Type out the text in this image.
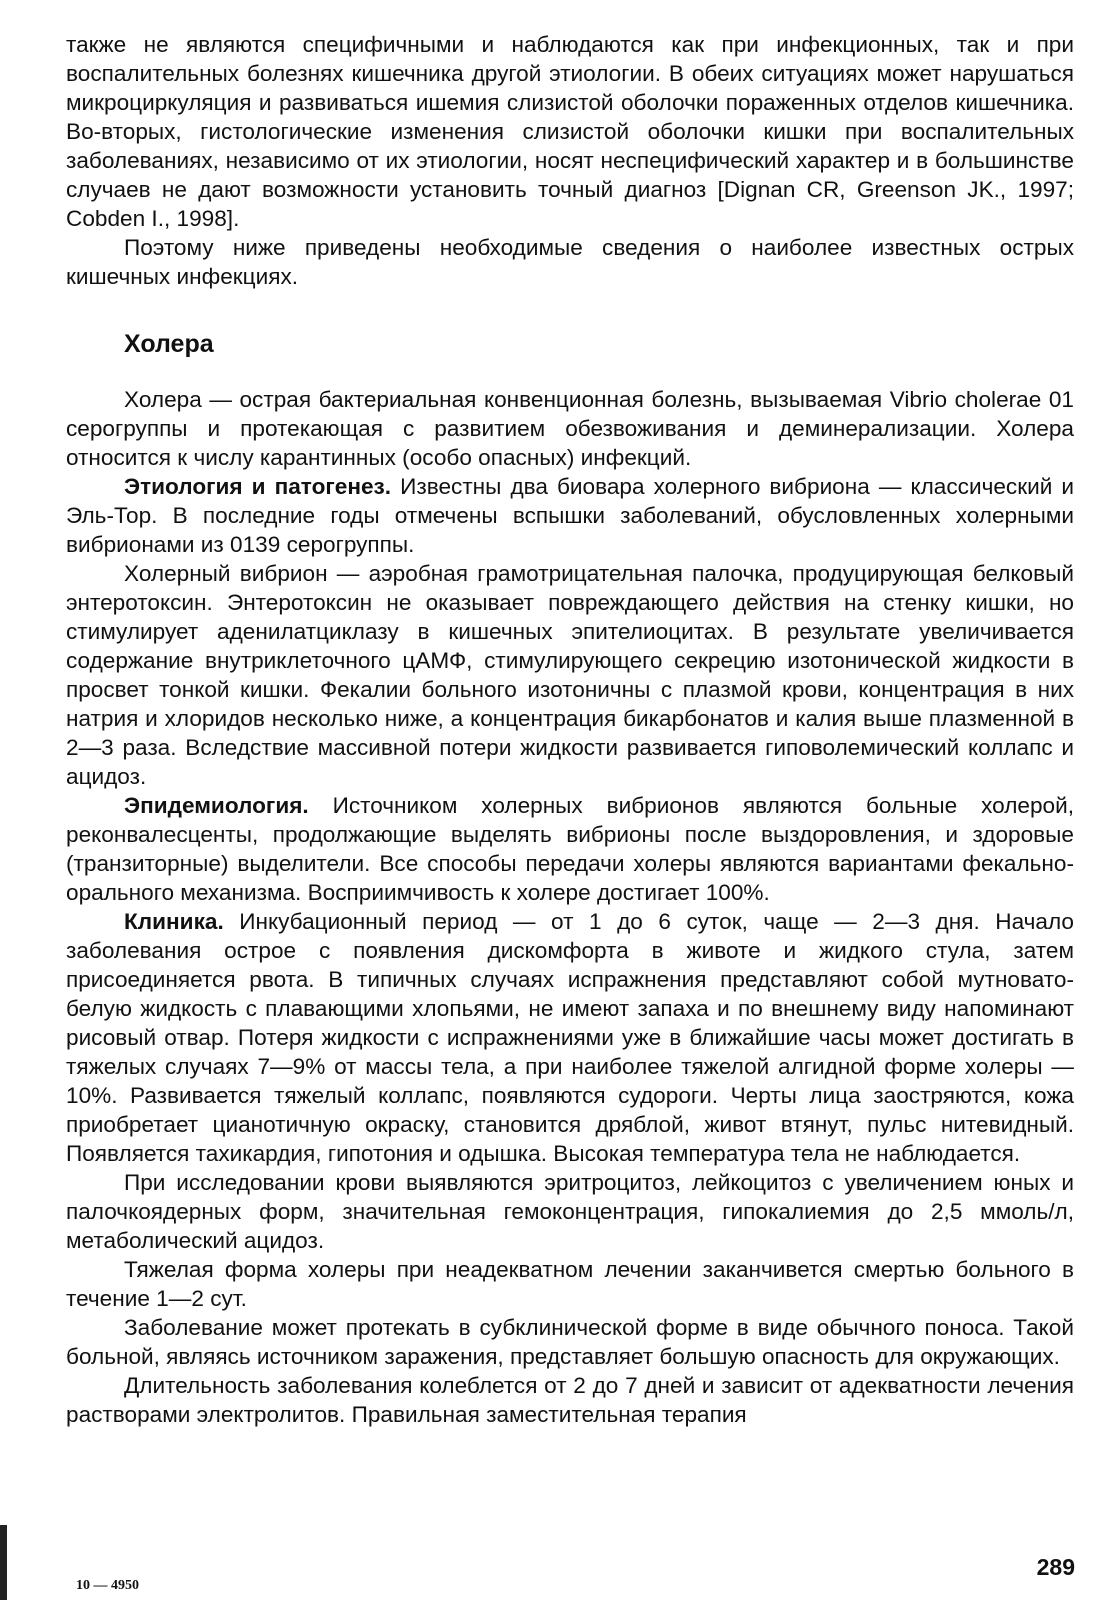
также не являются специфичными и наблюдаются как при инфекционных, так и при воспалительных болезнях кишечника другой этиологии. В обеих ситуациях может нарушаться микроциркуляция и развиваться ишемия слизистой оболочки пораженных отделов кишечника. Во-вторых, гистологические изменения слизистой оболочки кишки при воспалительных заболеваниях, независимо от их этиологии, носят неспецифический характер и в большинстве случаев не дают возможности установить точный диагноз [Dignan CR, Greenson JK., 1997; Cobden I., 1998].

Поэтому ниже приведены необходимые сведения о наиболее известных острых кишечных инфекциях.

Холера

Холера — острая бактериальная конвенционная болезнь, вызываемая Vibrio cholerae 01 серогруппы и протекающая с развитием обезвоживания и деминерализации. Холера относится к числу карантинных (особо опасных) инфекций.

Этиология и патогенез. Известны два биовара холерного вибриона — классический и Эль-Тор. В последние годы отмечены вспышки заболеваний, обусловленных холерными вибрионами из 0139 серогруппы.

Холерный вибрион — аэробная грамотрицательная палочка, продуцирующая белковый энтеротоксин. Энтеротоксин не оказывает повреждающего действия на стенку кишки, но стимулирует аденилатциклазу в кишечных эпителиоцитах. В результате увеличивается содержание внутриклеточного цАМФ, стимулирующего секрецию изотонической жидкости в просвет тонкой кишки. Фекалии больного изотоничны с плазмой крови, концентрация в них натрия и хлоридов несколько ниже, а концентрация бикарбонатов и калия выше плазменной в 2—3 раза. Вследствие массивной потери жидкости развивается гиповолемический коллапс и ацидоз.

Эпидемиология. Источником холерных вибрионов являются больные холерой, реконвалесценты, продолжающие выделять вибрионы после выздоровления, и здоровые (транзиторные) выделители. Все способы передачи холеры являются вариантами фекально-орального механизма. Восприимчивость к холере достигает 100%.

Клиника. Инкубационный период — от 1 до 6 суток, чаще — 2—3 дня. Начало заболевания острое с появления дискомфорта в животе и жидкого стула, затем присоединяется рвота. В типичных случаях испражнения представляют собой мутновато-белую жидкость с плавающими хлопьями, не имеют запаха и по внешнему виду напоминают рисовый отвар. Потеря жидкости с испражнениями уже в ближайшие часы может достигать в тяжелых случаях 7—9% от массы тела, а при наиболее тяжелой алгидной форме холеры — 10%. Развивается тяжелый коллапс, появляются судороги. Черты лица заостряются, кожа приобретает цианотичную окраску, становится дряблой, живот втянут, пульс нитевидный. Появляется тахикардия, гипотония и одышка. Высокая температура тела не наблюдается.

При исследовании крови выявляются эритроцитоз, лейкоцитоз с увеличением юных и палочкоядерных форм, значительная гемоконцентрация, гипокалиемия до 2,5 ммоль/л, метаболический ацидоз.

Тяжелая форма холеры при неадекватном лечении заканчивется смертью больного в течение 1—2 сут.

Заболевание может протекать в субклинической форме в виде обычного поноса. Такой больной, являясь источником заражения, представляет большую опасность для окружающих.

Длительность заболевания колеблется от 2 до 7 дней и зависит от адекватности лечения растворами электролитов. Правильная заместительная терапия

289
10 — 4950
